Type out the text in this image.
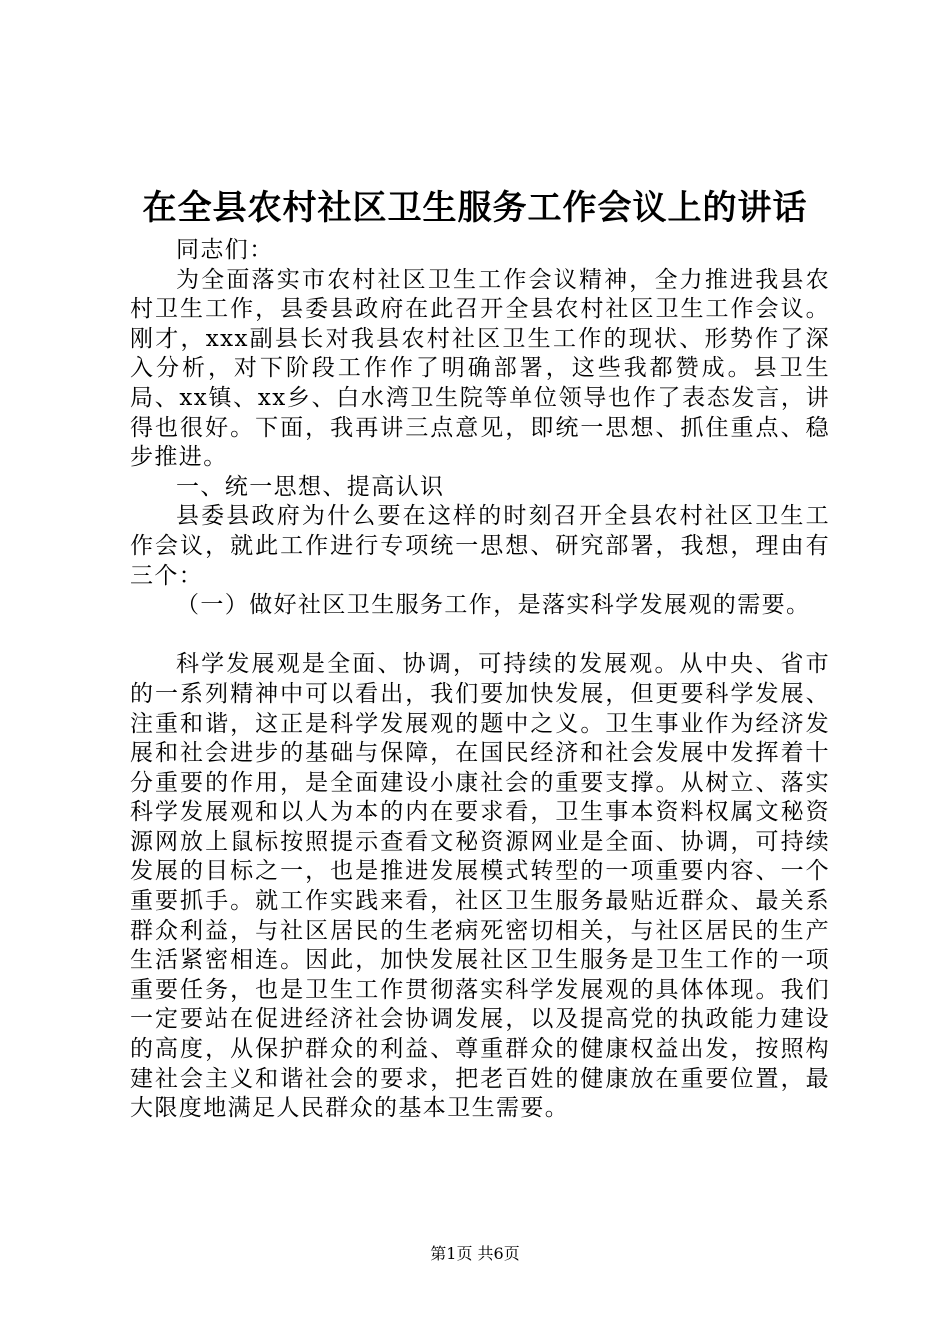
在全县农村社区卫生服务工作会议上的讲话

同志们：

为全面落实市农村社区卫生工作会议精神，全力推进我县农村卫生工作，县委县政府在此召开全县农村社区卫生工作会议。刚才，xxx副县长对我县农村社区卫生工作的现状、形势作了深入分析，对下阶段工作作了明确部署，这些我都赞成。县卫生局、xx镇、xx乡、白水湾卫生院等单位领导也作了表态发言，讲得也很好。下面，我再讲三点意见，即统一思想、抓住重点、稳步推进。

一、统一思想、提高认识

县委县政府为什么要在这样的时刻召开全县农村社区卫生工作会议，就此工作进行专项统一思想、研究部署，我想，理由有三个：

（一）做好社区卫生服务工作，是落实科学发展观的需要。

科学发展观是全面、协调，可持续的发展观。从中央、省市的一系列精神中可以看出，我们要加快发展，但更要科学发展、注重和谐，这正是科学发展观的题中之义。卫生事业作为经济发展和社会进步的基础与保障，在国民经济和社会发展中发挥着十分重要的作用，是全面建设小康社会的重要支撑。从树立、落实科学发展观和以人为本的内在要求看，卫生事本资料权属文秘资源网放上鼠标按照提示查看文秘资源网业是全面、协调，可持续发展的目标之一，也是推进发展模式转型的一项重要内容、一个重要抓手。就工作实践来看，社区卫生服务最贴近群众、最关系群众利益，与社区居民的生老病死密切相关，与社区居民的生产生活紧密相连。因此，加快发展社区卫生服务是卫生工作的一项重要任务，也是卫生工作贯彻落实科学发展观的具体体现。我们一定要站在促进经济社会协调发展，以及提高党的执政能力建设的高度，从保护群众的利益、尊重群众的健康权益出发，按照构建社会主义和谐社会的要求，把老百姓的健康放在重要位置，最大限度地满足人民群众的基本卫生需要。

第1页 共6页
